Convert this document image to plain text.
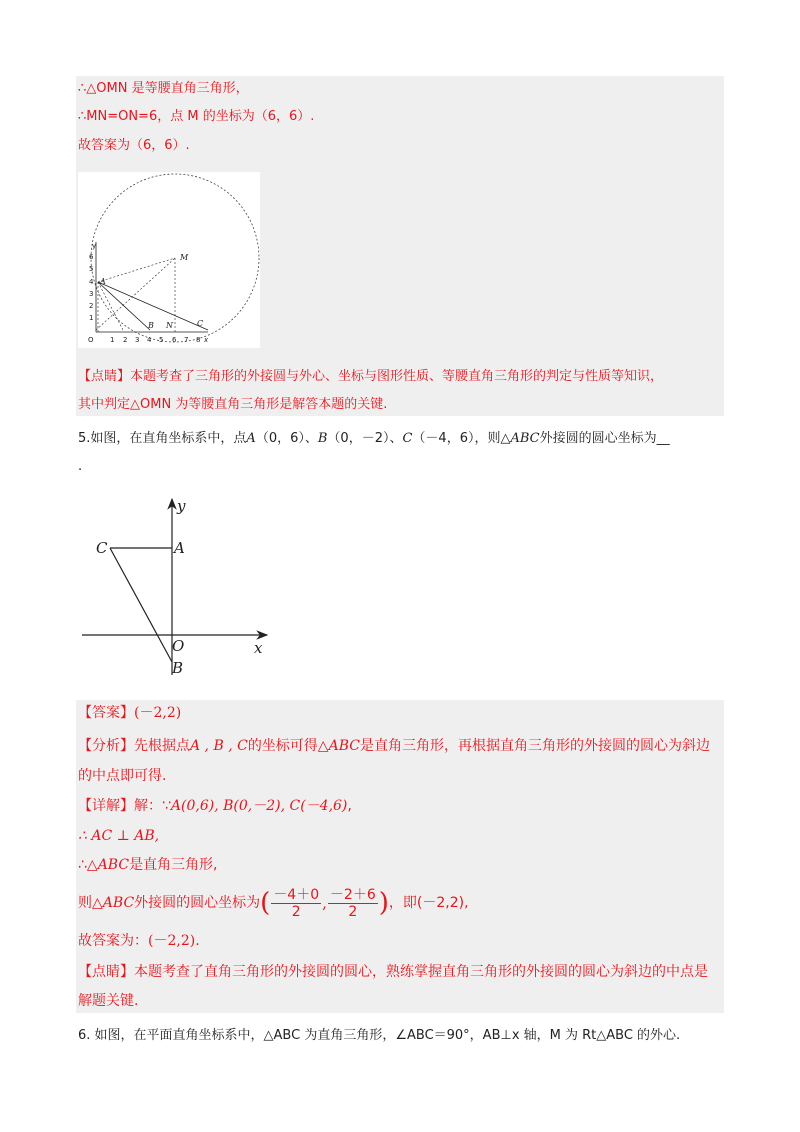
∴△OMN 是等腰直角三角形，
∴MN=ON=6，点 M 的坐标为（6，6）.
故答案为（6，6）.
6
5
4
3
2
1
y
1 2 3 4 5 6 7 8
O	x
A
M
B N	C
【点睛】本题考查了三角形的外接圆与外心、坐标与图形性质、等腰直角三角形的判定与性质等知识，
其中判定△OMN 为等腰直角三角形是解答本题的关键.
5.如图，在直角坐标系中，点A（0，6）、B（0，－2）、C（－4，6），则△ABC外接圆的圆心坐标为__
.
y
x
C	A
O
B
【答案】(－2,2)
【分析】先根据点A , B , C的坐标可得△ABC是直角三角形，再根据直角三角形的外接圆的圆心为斜边
的中点即可得.
【详解】解：∵A(0,6), B(0,－2), C(－4,6),
∴ AC ⊥ AB,
∴△ABC是直角三角形,
则△ABC外接圆的圆心坐标为( $\frac{-4+0}{2}$ , $\frac{-2+6}{2}$ )，即(－2,2),
故答案为：(－2,2).
【点睛】本题考查了直角三角形的外接圆的圆心，熟练掌握直角三角形的外接圆的圆心为斜边的中点是
解题关键.
6. 如图，在平面直角坐标系中，△ABC 为直角三角形，∠ABC＝90°，AB⊥x 轴，M 为 Rt△ABC 的外心.
